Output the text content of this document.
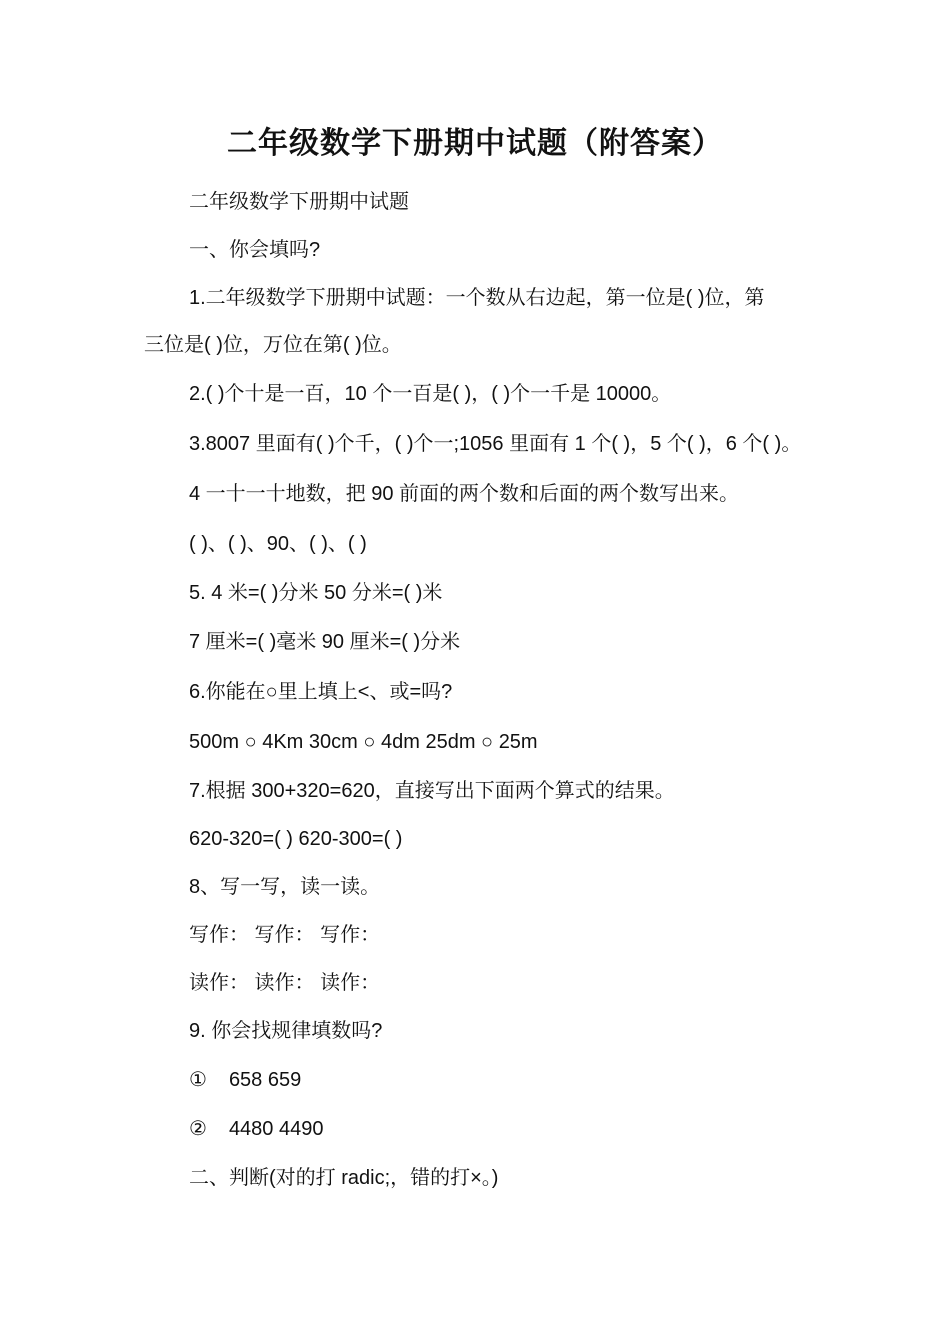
二年级数学下册期中试题（附答案）
二年级数学下册期中试题
一、你会填吗?
1.二年级数学下册期中试题：一个数从右边起，第一位是( )位，第
三位是( )位，万位在第( )位。
2.( )个十是一百，10 个一百是( )，( )个一千是 10000。
3.8007 里面有( )个千，( )个一;1056 里面有 1 个( )，5 个( )，6 个( )。
4 一十一十地数，把 90 前面的两个数和后面的两个数写出来。
( )、( )、90、( )、( )
5. 4 米=( )分米 50 分米=( )米
7 厘米=( )毫米 90 厘米=( )分米
6.你能在○里上填上<、或=吗?
500m ○ 4Km 30cm ○ 4dm 25dm ○ 25m
7.根据 300+320=620，直接写出下面两个算式的结果。
620-320=( ) 620-300=( )
8、写一写，读一读。
写作： 写作： 写作：
读作： 读作： 读作：
9. 你会找规律填数吗?
① 658 659
② 4480 4490
二、判断(对的打 radic;，错的打×。)
